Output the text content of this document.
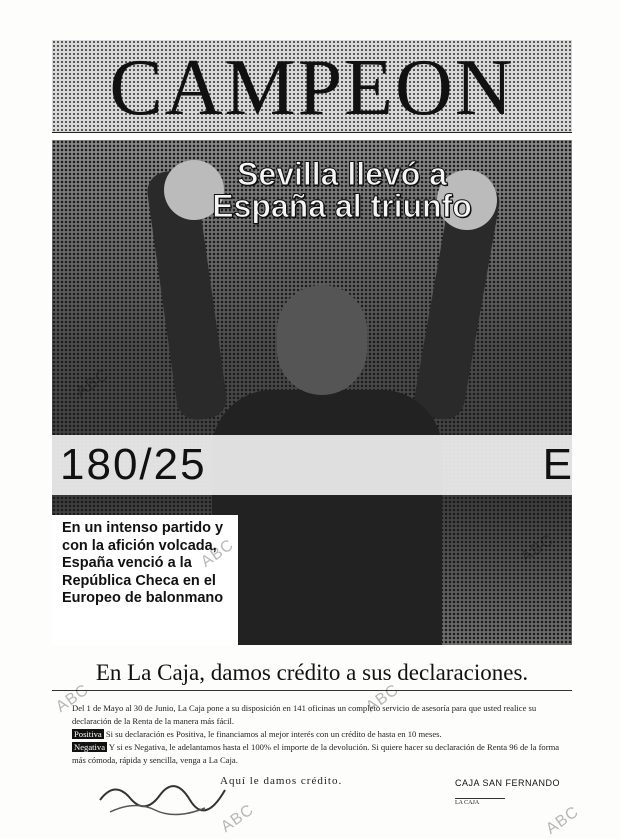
CAMPEON
180/25	E
Sevilla llevó a España al triunfo
En un intenso partido y con la afición volcada, España venció a la República Checa en el Europeo de balonmano
En La Caja, damos crédito a sus declaraciones.

Del 1 de Mayo al 30 de Junio, La Caja pone a su disposición en 141 oficinas un completo servicio de asesoría para que usted realice su declaración de la Renta de la manera más fácil.

Positiva Si su declaración es Positiva, le financiamos al mejor interés con un crédito de hasta en 10 meses.

Negativa Y si es Negativa, le adelantamos hasta el 100% el importe de la devolución. Si quiere hacer su declaración de Renta 96 de la forma más cómoda, rápida y sencilla, venga a La Caja.

Aquí le damos crédito.	CAJA SAN FERNANDO
LA CAJA
ABC
ABC
ABC
ABC
ABC	ABC
ABC
